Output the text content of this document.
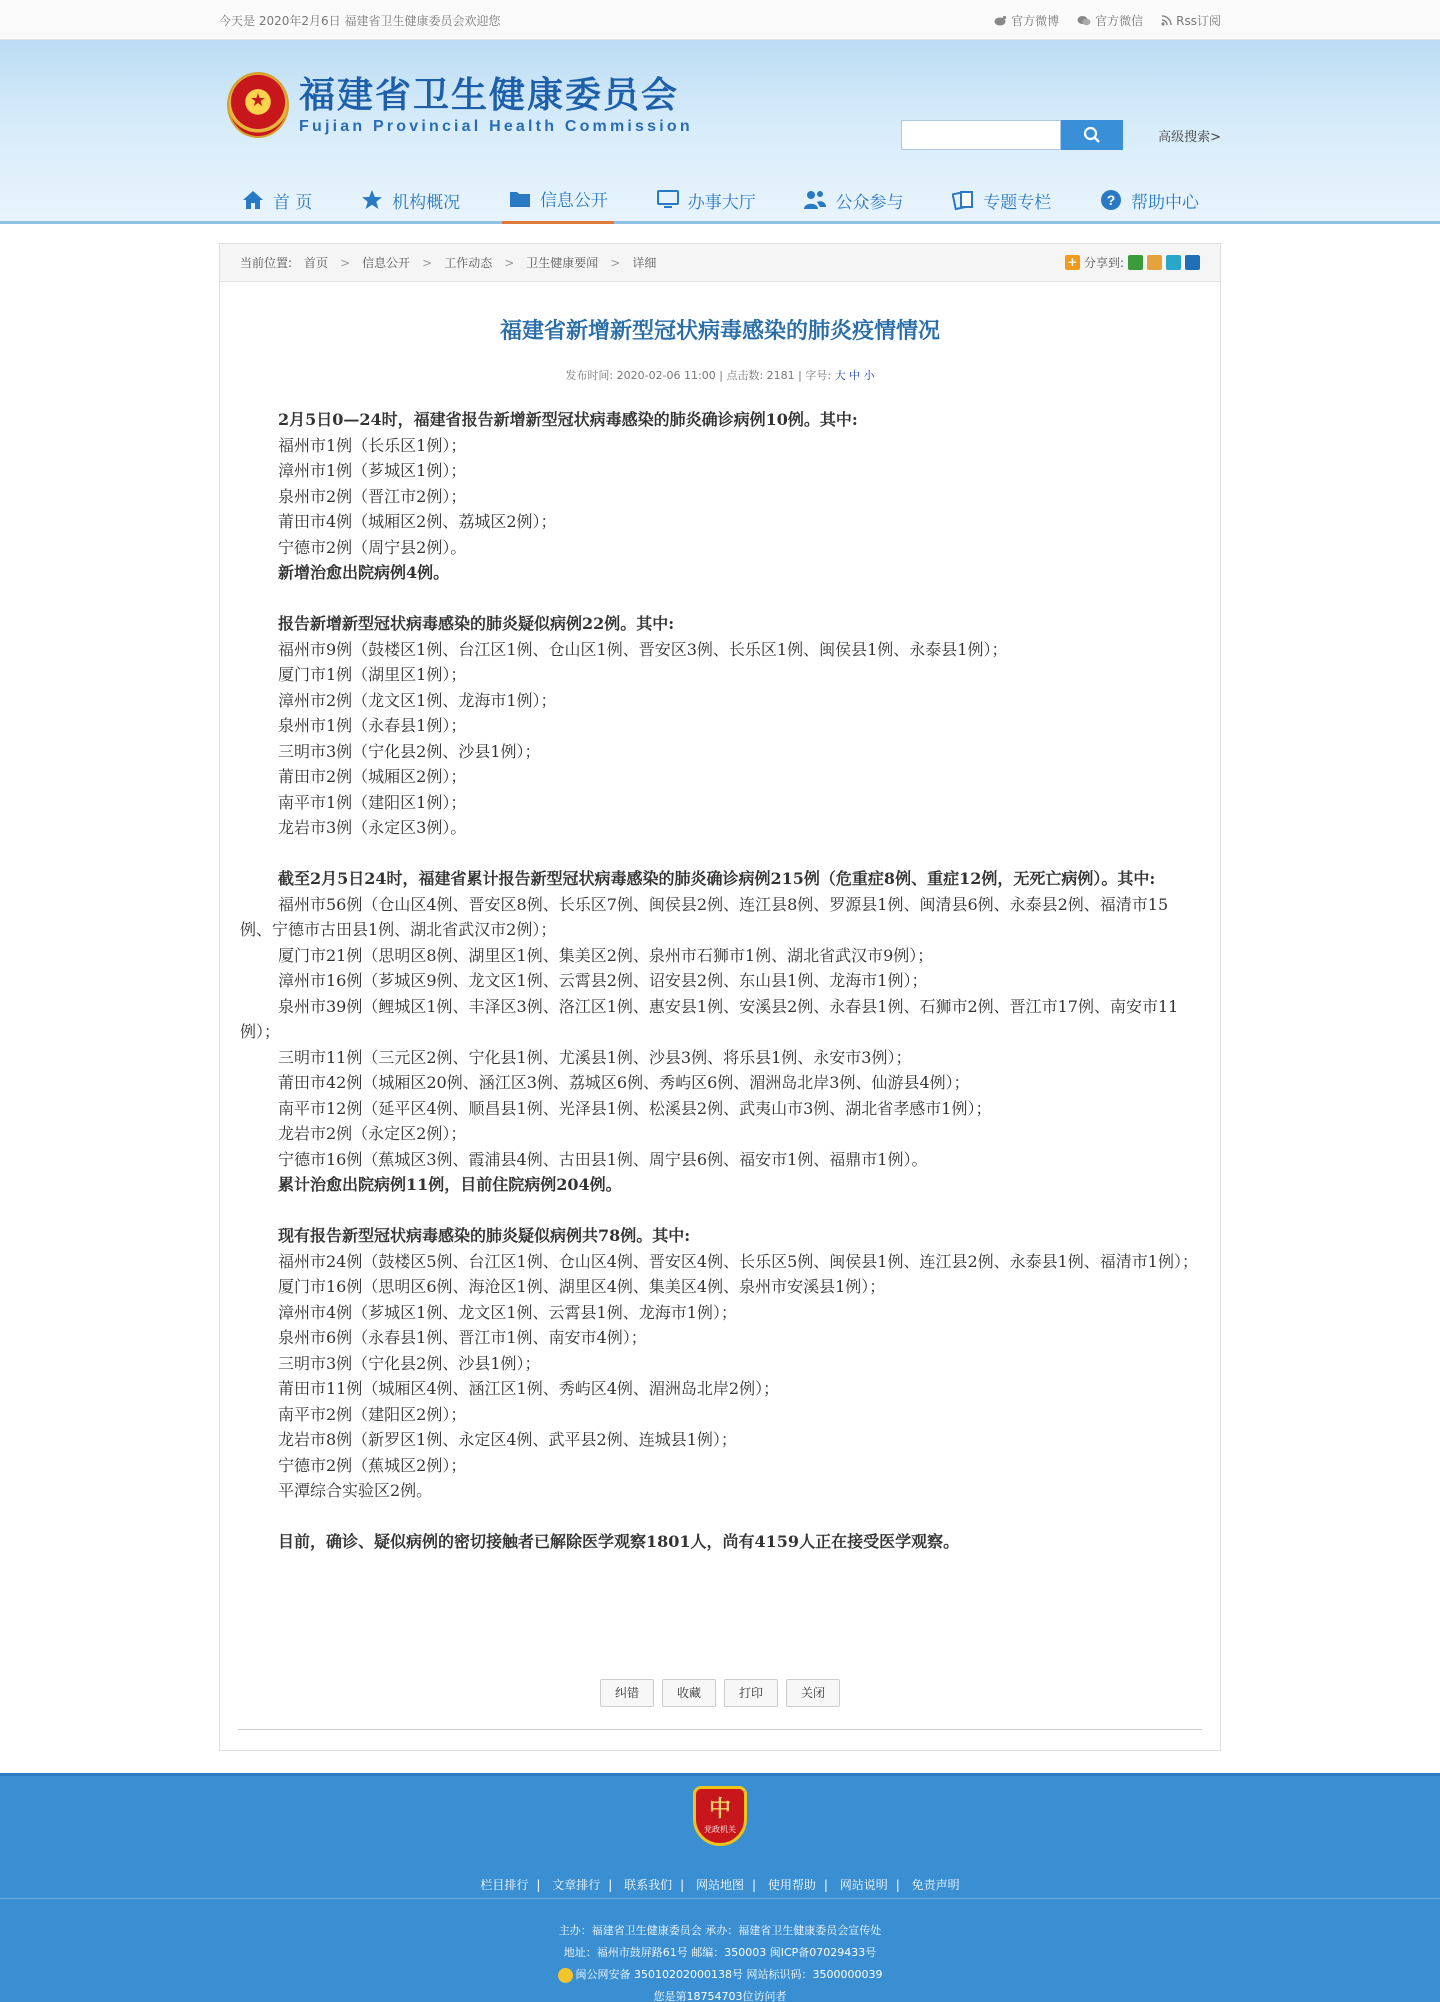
今天是 2020年2月6日 福建省卫生健康委员会欢迎您	官方微博	官方微信	Rss订阅
★
福建省卫生健康委员会
Fujian Provincial Health Commission
高级搜索>
首 页	机构概况	信息公开	办事大厅	公众参与	专题专栏	? 帮助中心
当前位置: 首页 > 信息公开 > 工作动态 > 卫生健康要闻 > 详细	+ 分享到:
福建省新增新型冠状病毒感染的肺炎疫情情况
发布时间: 2020-02-06 11:00 | 点击数: 2181 | 字号: 大 中 小

2月5日0—24时，福建省报告新增新型冠状病毒感染的肺炎确诊病例10例。其中:

福州市1例（长乐区1例）；

漳州市1例（芗城区1例）；

泉州市2例（晋江市2例）；

莆田市4例（城厢区2例、荔城区2例）；

宁德市2例（周宁县2例）。

新增治愈出院病例4例。

报告新增新型冠状病毒感染的肺炎疑似病例22例。其中:

福州市9例（鼓楼区1例、台江区1例、仓山区1例、晋安区3例、长乐区1例、闽侯县1例、永泰县1例）；

厦门市1例（湖里区1例）；

漳州市2例（龙文区1例、龙海市1例）；

泉州市1例（永春县1例）；

三明市3例（宁化县2例、沙县1例）；

莆田市2例（城厢区2例）；

南平市1例（建阳区1例）；

龙岩市3例（永定区3例）。

截至2月5日24时，福建省累计报告新型冠状病毒感染的肺炎确诊病例215例（危重症8例、重症12例，无死亡病例）。其中:

福州市56例（仓山区4例、晋安区8例、长乐区7例、闽侯县2例、连江县8例、罗源县1例、闽清县6例、永泰县2例、福清市15例、宁德市古田县1例、湖北省武汉市2例）；

厦门市21例（思明区8例、湖里区1例、集美区2例、泉州市石狮市1例、湖北省武汉市9例）；

漳州市16例（芗城区9例、龙文区1例、云霄县2例、诏安县2例、东山县1例、龙海市1例）；

泉州市39例（鲤城区1例、丰泽区3例、洛江区1例、惠安县1例、安溪县2例、永春县1例、石狮市2例、晋江市17例、南安市11例）；

三明市11例（三元区2例、宁化县1例、尤溪县1例、沙县3例、将乐县1例、永安市3例）；

莆田市42例（城厢区20例、涵江区3例、荔城区6例、秀屿区6例、湄洲岛北岸3例、仙游县4例）；

南平市12例（延平区4例、顺昌县1例、光泽县1例、松溪县2例、武夷山市3例、湖北省孝感市1例）；

龙岩市2例（永定区2例）；

宁德市16例（蕉城区3例、霞浦县4例、古田县1例、周宁县6例、福安市1例、福鼎市1例）。

累计治愈出院病例11例，目前住院病例204例。

现有报告新型冠状病毒感染的肺炎疑似病例共78例。其中:

福州市24例（鼓楼区5例、台江区1例、仓山区4例、晋安区4例、长乐区5例、闽侯县1例、连江县2例、永泰县1例、福清市1例）；

厦门市16例（思明区6例、海沧区1例、湖里区4例、集美区4例、泉州市安溪县1例）；

漳州市4例（芗城区1例、龙文区1例、云霄县1例、龙海市1例）；

泉州市6例（永春县1例、晋江市1例、南安市4例）；

三明市3例（宁化县2例、沙县1例）；

莆田市11例（城厢区4例、涵江区1例、秀屿区4例、湄洲岛北岸2例）；

南平市2例（建阳区2例）；

龙岩市8例（新罗区1例、永定区4例、武平县2例、连城县1例）；

宁德市2例（蕉城区2例）；

平潭综合实验区2例。

目前，确诊、疑似病例的密切接触者已解除医学观察1801人，尚有4159人正在接受医学观察。

纠错	收藏	打印	关闭
中
党政机关
栏目排行 | 文章排行 | 联系我们 | 网站地图 | 使用帮助 | 网站说明 | 免责声明
主办：福建省卫生健康委员会 承办：福建省卫生健康委员会宣传处
地址：福州市鼓屏路61号 邮编：350003 闽ICP备07029433号
闽公网安备 35010202000138号 网站标识码：3500000039
您是第18754703位访问者
